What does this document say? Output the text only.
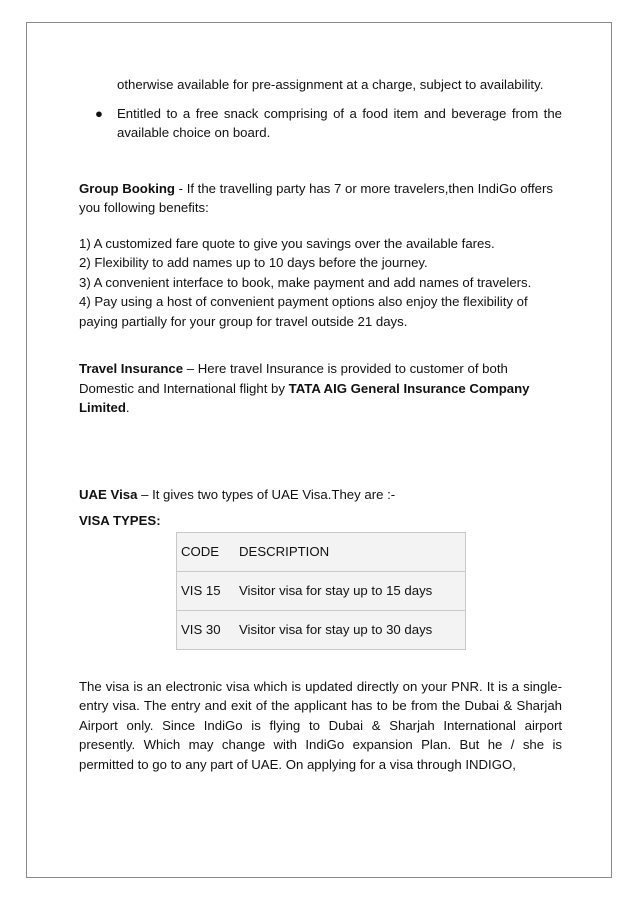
otherwise available for pre-assignment at a charge, subject to availability.

● Entitled to a free snack comprising of a food item and beverage from the available choice on board.

Group Booking - If the travelling party has 7 or more travelers,then IndiGo offers you following benefits:

1) A customized fare quote to give you savings over the available fares.

2) Flexibility to add names up to 10 days before the journey.

3) A convenient interface to book, make payment and add names of travelers.

4) Pay using a host of convenient payment options also enjoy the flexibility of paying partially for your group for travel outside 21 days.

Travel Insurance – Here travel Insurance is provided to customer of both Domestic and International flight by TATA AIG General Insurance Company Limited.

UAE Visa – It gives two types of UAE Visa.They are :-

VISA TYPES:

CODE	DESCRIPTION
VIS 15	Visitor visa for stay up to 15 days
VIS 30	Visitor visa for stay up to 30 days

The visa is an electronic visa which is updated directly on your PNR. It is a single-entry visa. The entry and exit of the applicant has to be from the Dubai & Sharjah Airport only. Since IndiGo is flying to Dubai & Sharjah International airport presently. Which may change with IndiGo expansion Plan. But he / she is permitted to go to any part of UAE. On applying for a visa through INDIGO,
